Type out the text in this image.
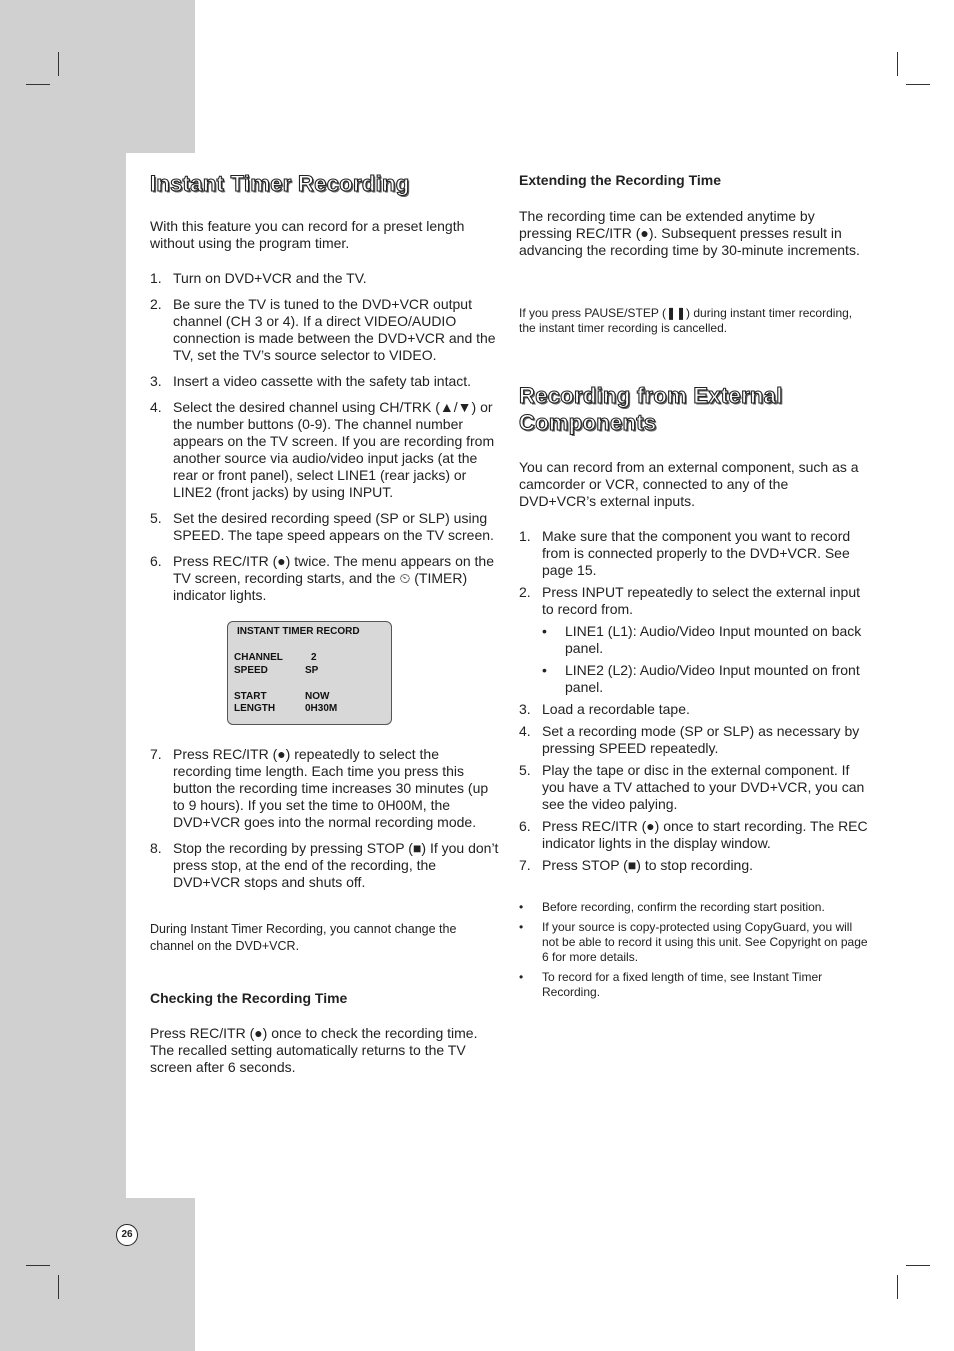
26
Instant Timer Recording

With this feature you can record for a preset length without using the program timer.

1. Turn on DVD+VCR and the TV.
2. Be sure the TV is tuned to the DVD+VCR output channel (CH 3 or 4). If a direct VIDEO/AUDIO connection is made between the DVD+VCR and the TV, set the TV’s source selector to VIDEO.
3. Insert a video cassette with the safety tab intact.
4. Select the desired channel using CH/TRK (▲/▼) or the number buttons (0-9). The channel number appears on the TV screen. If you are recording from another source via audio/video input jacks (at the rear or front panel), select LINE1 (rear jacks) or LINE2 (front jacks) by using INPUT.
5. Set the desired recording speed (SP or SLP) using SPEED. The tape speed appears on the TV screen.
6. Press REC/ITR (●) twice. The menu appears on the TV screen, recording starts, and the ⏲ (TIMER) indicator lights.
INSTANT TIMER RECORD
CHANNEL	2
SPEED	SP
START	NOW
LENGTH	0H30M
7. Press REC/ITR (●) repeatedly to select the recording time length. Each time you press this button the recording time increases 30 minutes (up to 9 hours). If you set the time to 0H00M, the DVD+VCR goes into the normal recording mode.
8. Stop the recording by pressing STOP (■) If you don’t press stop, at the end of the recording, the DVD+VCR stops and shuts off.

During Instant Timer Recording, you cannot change the channel on the DVD+VCR.

Checking the Recording Time

Press REC/ITR (●) once to check the recording time. The recalled setting automatically returns to the TV screen after 6 seconds.

Extending the Recording Time

The recording time can be extended anytime by pressing REC/ITR (●). Subsequent presses result in advancing the recording time by 30-minute increments.

If you press PAUSE/STEP (❚❚) during instant timer recording, the instant timer recording is cancelled.

Recording from External
Components

You can record from an external component, such as a camcorder or VCR, connected to any of the DVD+VCR’s external inputs.

1. Make sure that the component you want to record from is connected properly to the DVD+VCR. See page 15.
2. Press INPUT repeatedly to select the external input to record from.
• LINE1 (L1): Audio/Video Input mounted on back panel.
• LINE2 (L2): Audio/Video Input mounted on front panel.
3. Load a recordable tape.
4. Set a recording mode (SP or SLP) as necessary by pressing SPEED repeatedly.
5. Play the tape or disc in the external component. If you have a TV attached to your DVD+VCR, you can see the video palying.
6. Press REC/ITR (●) once to start recording. The REC indicator lights in the display window.
7. Press STOP (■) to stop recording.
• Before recording, confirm the recording start position.
• If your source is copy-protected using CopyGuard, you will not be able to record it using this unit. See Copyright on page 6 for more details.
• To record for a fixed length of time, see Instant Timer Recording.
